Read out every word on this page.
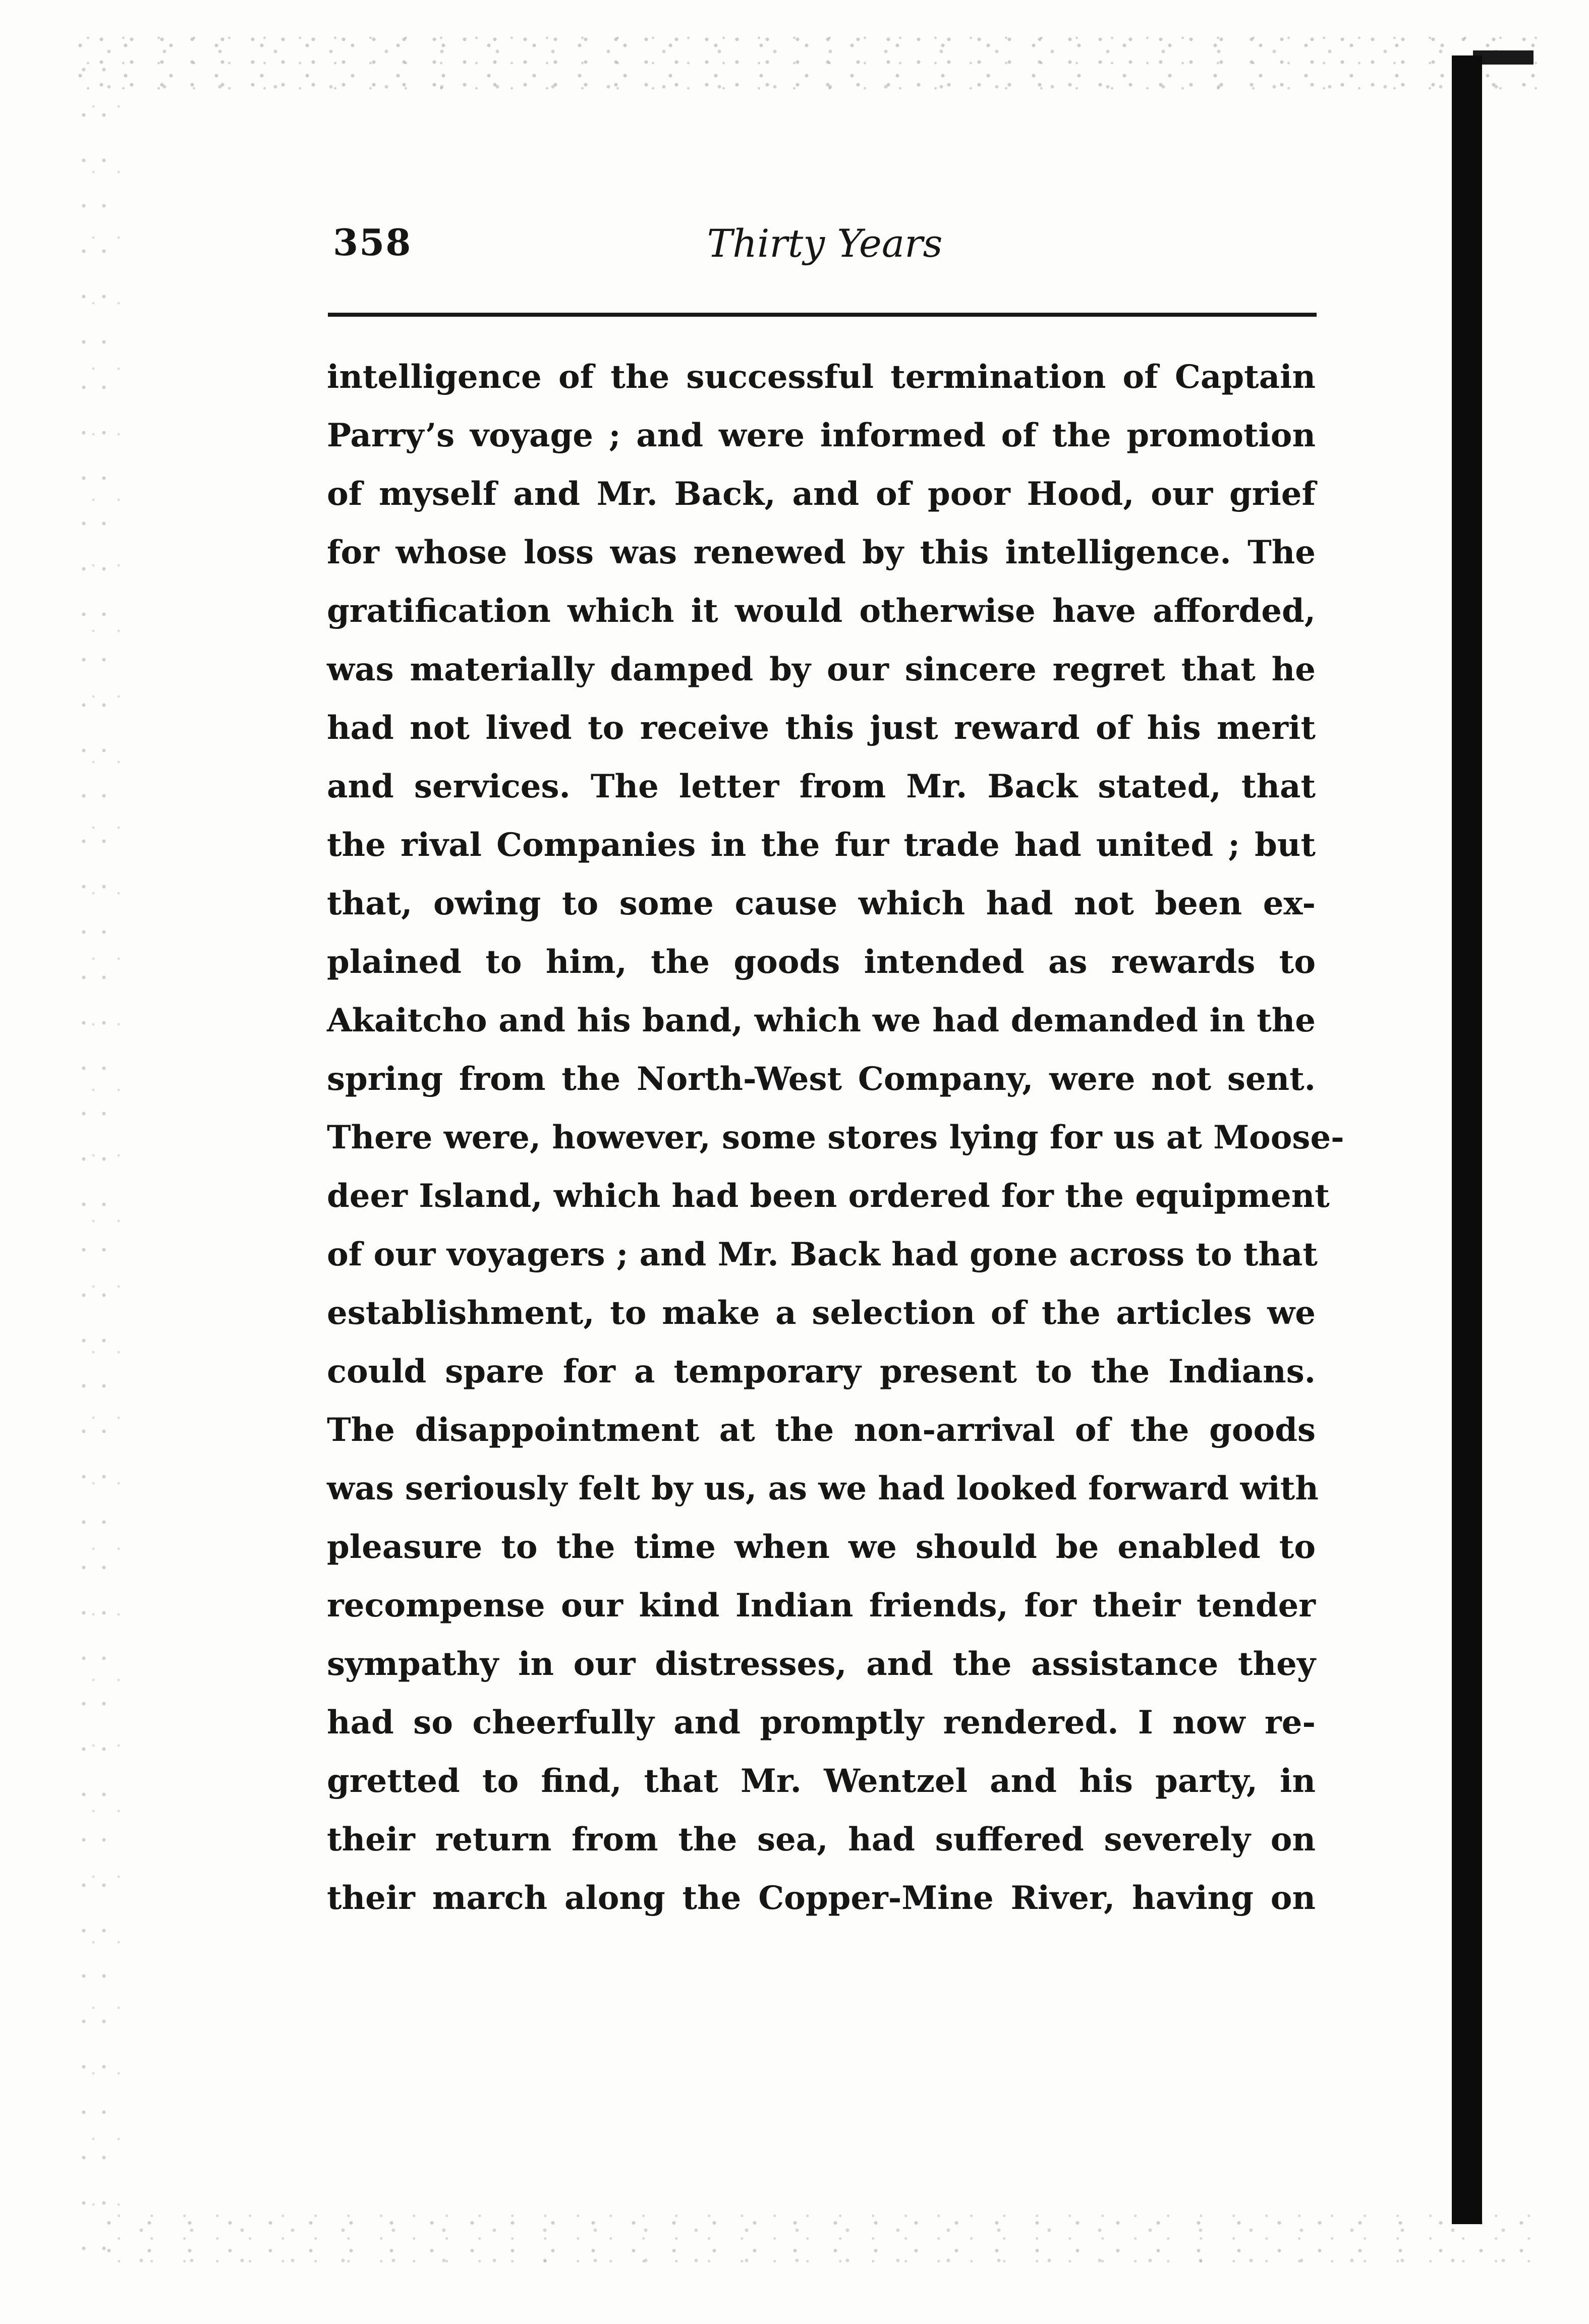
358	Thirty Years
intelligence of the successful termination of Captain
Parry’s voyage ; and were informed of the promotion
of myself and Mr. Back, and of poor Hood, our grief
for whose loss was renewed by this intelligence. The
gratification which it would otherwise have afforded,
was materially damped by our sincere regret that he
had not lived to receive this just reward of his merit
and services. The letter from Mr. Back stated, that
the rival Companies in the fur trade had united ; but
that, owing to some cause which had not been ex-
plained to him, the goods intended as rewards to
Akaitcho and his band, which we had demanded in the
spring from the North-West Company, were not sent.
There were, however, some stores lying for us at Moose-
deer Island, which had been ordered for the equipment
of our voyagers ; and Mr. Back had gone across to that
establishment, to make a selection of the articles we
could spare for a temporary present to the Indians.
The disappointment at the non-arrival of the goods
was seriously felt by us, as we had looked forward with
pleasure to the time when we should be enabled to
recompense our kind Indian friends, for their tender
sympathy in our distresses, and the assistance they
had so cheerfully and promptly rendered. I now re-
gretted to find, that Mr. Wentzel and his party, in
their return from the sea, had suffered severely on
their march along the Copper-Mine River, having on
